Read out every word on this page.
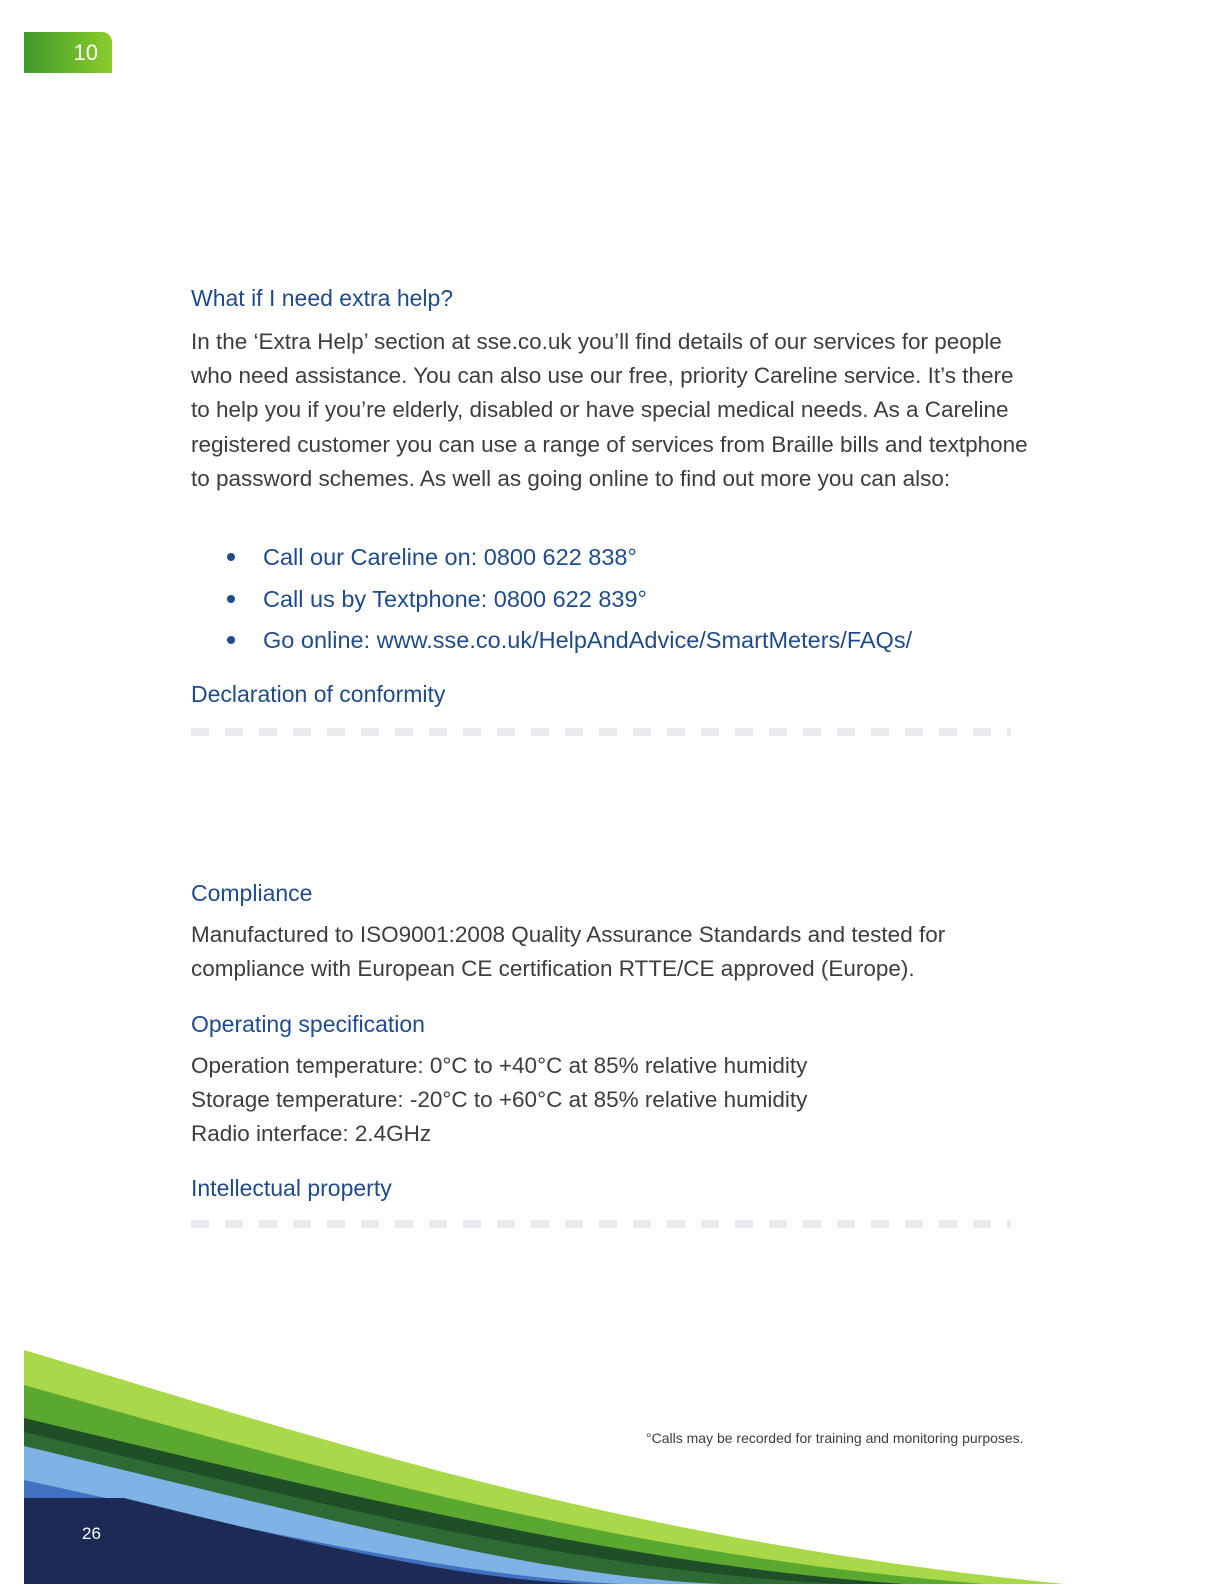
10
What if I need extra help?

In the ‘Extra Help’ section at sse.co.uk you’ll find details of our services for people who need assistance. You can also use our free, priority Careline service. It’s there to help you if you’re elderly, disabled or have special medical needs. As a Careline registered customer you can use a range of services from Braille bills and textphone to password schemes. As well as going online to find out more you can also:

Call our Careline on: 0800 622 838°
Call us by Textphone: 0800 622 839°
Go online: www.sse.co.uk/HelpAndAdvice/SmartMeters/FAQs/
Declaration of conformity
Compliance

Manufactured to ISO9001:2008 Quality Assurance Standards and tested for compliance with European CE certification RTTE/CE approved (Europe).

Operating specification

Operation temperature: 0°C to +40°C at 85% relative humidity

Storage temperature: -20°C to +60°C at 85% relative humidity

Radio interface: 2.4GHz

Intellectual property
°Calls may be recorded for training and monitoring purposes.
26
